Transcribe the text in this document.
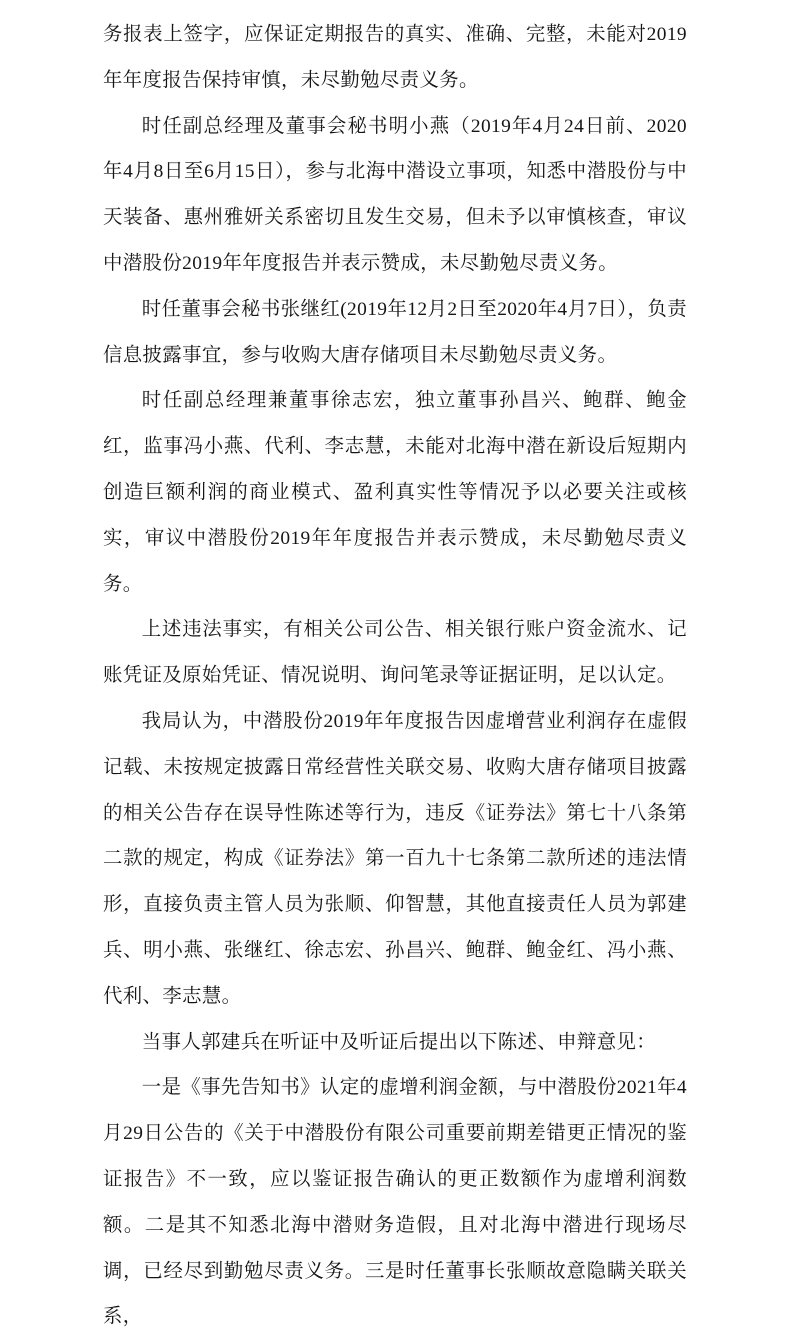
务报表上签字，应保证定期报告的真实、准确、完整，未能对2019年年度报告保持审慎，未尽勤勉尽责义务。

时任副总经理及董事会秘书明小燕（2019年4月24日前、2020年4月8日至6月15日），参与北海中潜设立事项，知悉中潜股份与中天装备、惠州雅妍关系密切且发生交易，但未予以审慎核查，审议中潜股份2019年年度报告并表示赞成，未尽勤勉尽责义务。

时任董事会秘书张继红(2019年12月2日至2020年4月7日），负责信息披露事宜，参与收购大唐存储项目未尽勤勉尽责义务。

时任副总经理兼董事徐志宏，独立董事孙昌兴、鲍群、鲍金红，监事冯小燕、代利、李志慧，未能对北海中潜在新设后短期内创造巨额利润的商业模式、盈利真实性等情况予以必要关注或核实，审议中潜股份2019年年度报告并表示赞成，未尽勤勉尽责义务。

上述违法事实，有相关公司公告、相关银行账户资金流水、记账凭证及原始凭证、情况说明、询问笔录等证据证明，足以认定。

我局认为，中潜股份2019年年度报告因虚增营业利润存在虚假记载、未按规定披露日常经营性关联交易、收购大唐存储项目披露的相关公告存在误导性陈述等行为，违反《证券法》第七十八条第二款的规定，构成《证券法》第一百九十七条第二款所述的违法情形，直接负责主管人员为张顺、仰智慧，其他直接责任人员为郭建兵、明小燕、张继红、徐志宏、孙昌兴、鲍群、鲍金红、冯小燕、代利、李志慧。

当事人郭建兵在听证中及听证后提出以下陈述、申辩意见：

一是《事先告知书》认定的虚增利润金额，与中潜股份2021年4月29日公告的《关于中潜股份有限公司重要前期差错更正情况的鉴证报告》不一致，应以鉴证报告确认的更正数额作为虚增利润数额。二是其不知悉北海中潜财务造假，且对北海中潜进行现场尽调，已经尽到勤勉尽责义务。三是时任董事长张顺故意隐瞒关联关系，
